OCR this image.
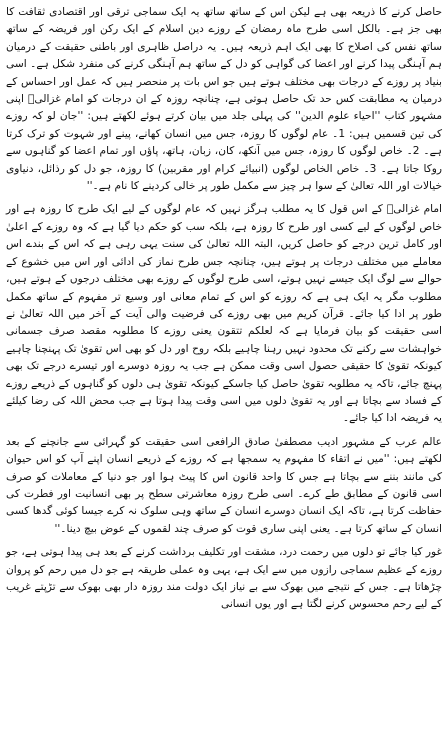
حاصل کرنے کا ذریعہ بھی ہے لیکن اس کے ساتھ ساتھ یہ ایک سماجی ترقی اور اقتصادی ثقافت کا بھی جز ہے۔ بالکل اسی طرح ماہ رمضان کے روزے دین اسلام کے ایک رکن اور فریضہ کے ساتھ ساتھ نفس کی اصلاح کا بھی ایک اہم ذریعہ ہیں۔ یہ دراصل ظاہری اور باطنی حقیقت کے درمیان ہم آہنگی پیدا کرنے اور اعضا کی گواہی کو دل کے ساتھ ہم آہنگی کرنے کی منفرد شکل ہے۔ اسی بنیاد پر روزے کے درجات بھی مختلف ہوتے ہیں جو اس بات پر منحصر ہیں کہ عمل اور احساس کے درمیان یہ مطابقت کس حد تک حاصل ہوتی ہے، چنانچہ روزہ کے ان درجات کو امام غزالیؒ اپنی مشہور کتاب ''احیاء علوم الدین'' کی پہلی جلد میں بیان کرتے ہوئے لکھتے ہیں: ''جان لو کہ روزے کی تین قسمیں ہیں: 1۔ عام لوگوں کا روزہ، جس میں انسان کھانے، پینے اور شہوت کو ترک کرتا ہے۔ 2۔ خاص لوگوں کا روزہ، جس میں آنکھ، کان، زبان، ہاتھ، پاؤں اور تمام اعضا کو گناہوں سے روکا جاتا ہے۔ 3۔ خاص الخاص لوگوں (انبیائے کرام اور مقربین) کا روزہ، جو دل کو رذائل، دنیاوی خیالات اور اللہ تعالیٰ کے سوا ہر چیز سے مکمل طور پر خالی کردینے کا نام ہے۔''

امام غزالیؒ کے اس قول کا یہ مطلب ہرگز نہیں کہ عام لوگوں کے لیے ایک طرح کا روزہ ہے اور خاص لوگوں کے لیے کسی اور طرح کا روزہ ہے، بلکہ سب کو حکم دیا گیا ہے کہ وہ روزے کے اعلیٰ اور کامل ترین درجے کو حاصل کریں، البتہ اللہ تعالیٰ کی سنت یہی رہی ہے کہ اس کے بندے اس معاملے میں مختلف درجات پر ہوتے ہیں، چنانچہ جس طرح نماز کی ادائی اور اس میں خشوع کے حوالے سے لوگ ایک جیسے نہیں ہوتے، اسی طرح لوگوں کے روزے بھی مختلف درجوں کے ہوتے ہیں، مطلوب مگر یہ ایک ہی ہے کہ روزے کو اس کے تمام معانی اور وسیع تر مفہوم کے ساتھ مکمل طور پر ادا کیا جائے۔ قرآن کریم میں بھی روزے کی فرضیت والی آیت کے آخر میں اللہ تعالیٰ نے اسی حقیقت کو بیان فرمایا ہے کہ لعلکم تتقون یعنی روزے کا مطلوبہ مقصد صرف جسمانی خواہشات سے رکنے تک محدود نہیں رہنا چاہیے بلکہ روح اور دل کو بھی اس تقویٰ تک پہنچنا چاہیے کیونکہ تقویٰ کا حقیقی حصول اسی وقت ممکن ہے جب یہ روزہ دوسرے اور تیسرے درجے تک بھی پہنچ جائے، تاکہ یہ مطلوبہ تقویٰ حاصل کیا جاسکے کیونکہ تقویٰ ہی دلوں کو گناہوں کے ذریعے روزے کے فساد سے بچاتا ہے اور یہ تقویٰ دلوں میں اسی وقت پیدا ہوتا ہے جب محض اللہ کی رضا کیلئے یہ فریضہ ادا کیا جائے۔

عالم عرب کے مشہور ادیب مصطفیٰ صادق الرافعی اسی حقیقت کو گہرائی سے جانچنے کے بعد لکھتے ہیں: ''میں نے اتقاء کا مفہوم یہ سمجھا ہے کہ روزے کے ذریعے انسان اپنے آپ کو اس حیوان کی مانند بننے سے بچاتا ہے جس کا واحد قانون اس کا پیٹ ہوا اور جو دنیا کے معاملات کو صرف اسی قانون کے مطابق طے کرے۔ اسی طرح روزہ معاشرتی سطح پر بھی انسانیت اور فطرت کی حفاظت کرتا ہے، تاکہ ایک انسان دوسرے انسان کے ساتھ وہی سلوک نہ کرے جیسا کوئی گدھا کسی انسان کے ساتھ کرتا ہے۔ یعنی اپنی ساری قوت کو صرف چند لقموں کے عوض بیچ دینا۔''

غور کیا جائے تو دلوں میں رحمت درد، مشقت اور تکلیف برداشت کرنے کے بعد ہی پیدا ہوتی ہے، جو روزے کے عظیم سماجی رازوں میں سے ایک ہے، یہی وہ عملی طریقہ ہے جو دل میں رحم کو پروان چڑھاتا ہے۔ جس کے نتیجے میں بھوک سے بے نیاز ایک دولت مند روزہ دار بھی بھوک سے تڑپتے غریب کے لیے رحم محسوس کرنے لگتا ہے اور یوں انسانی
